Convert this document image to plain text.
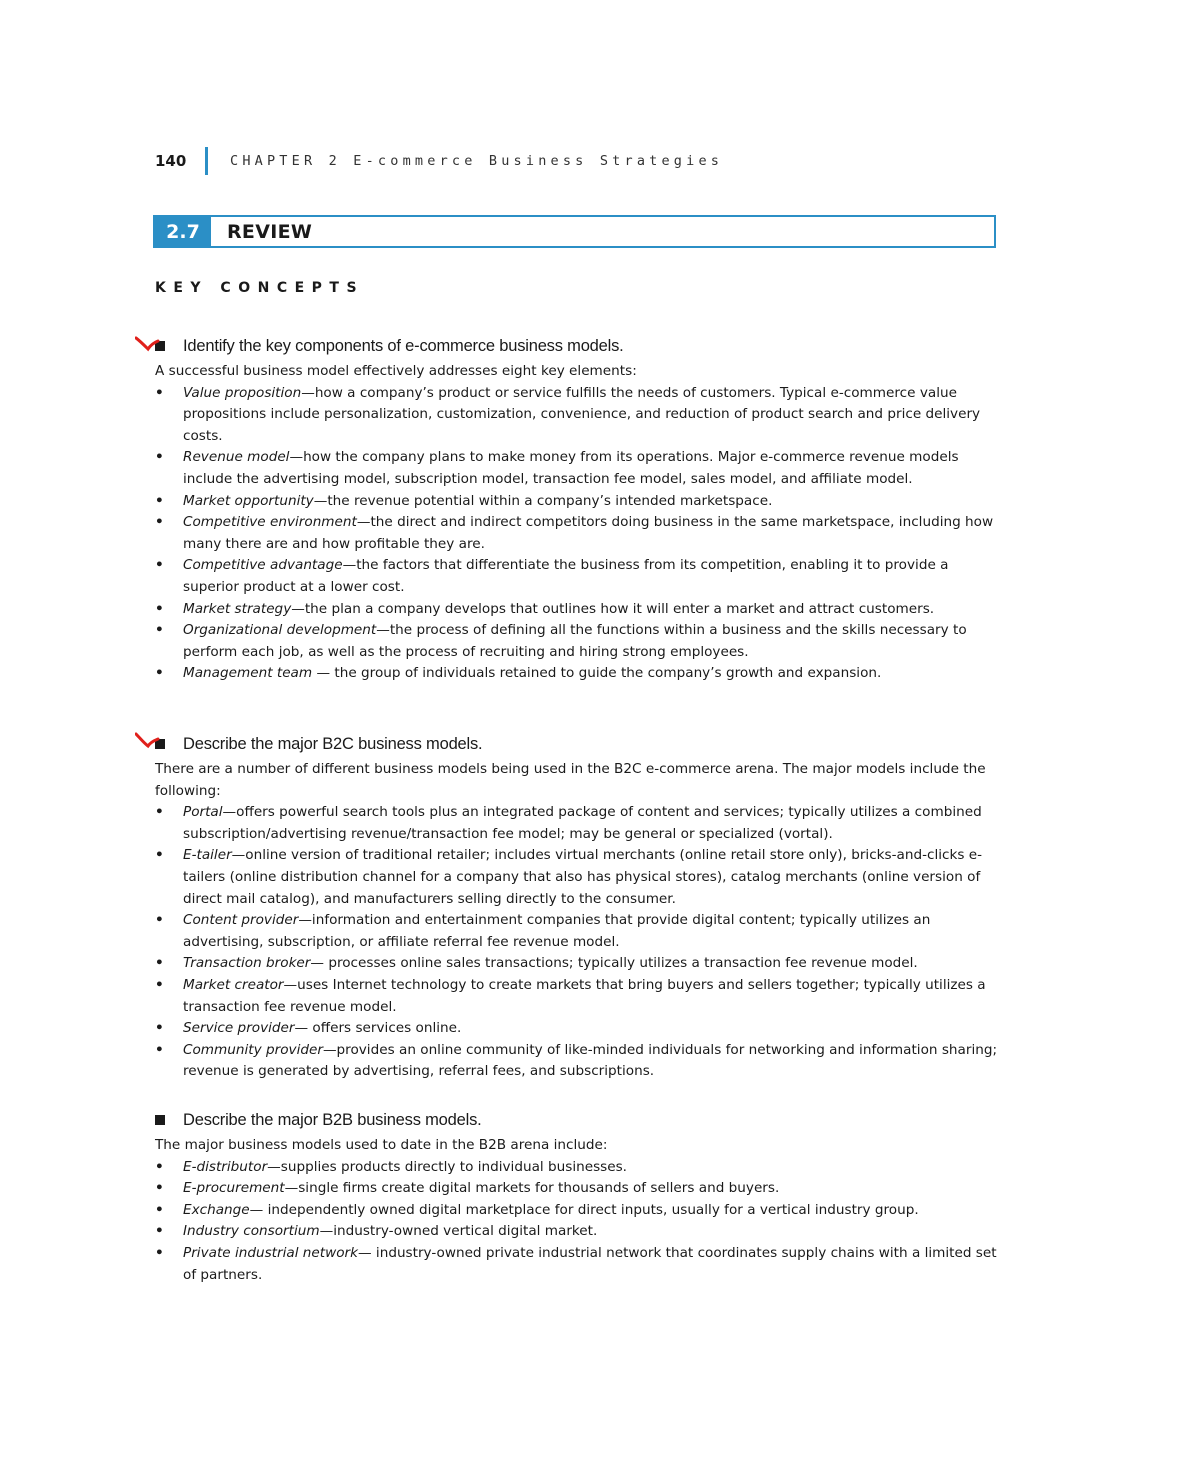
140	CHAPTER 2 E-commerce Business Strategies
2.7	REVIEW
KEY CONCEPTS
Identify the key components of e-commerce business models.

A successful business model effectively addresses eight key elements:

• Value proposition—how a company’s product or service fulfills the needs of customers. Typical e-commerce value propositions include personalization, customization, convenience, and reduction of product search and price delivery costs.
• Revenue model—how the company plans to make money from its operations. Major e-commerce revenue models include the advertising model, subscription model, transaction fee model, sales model, and affiliate model.
• Market opportunity—the revenue potential within a company’s intended marketspace.
• Competitive environment—the direct and indirect competitors doing business in the same marketspace, including how many there are and how profitable they are.
• Competitive advantage—the factors that differentiate the business from its competition, enabling it to provide a superior product at a lower cost.
• Market strategy—the plan a company develops that outlines how it will enter a market and attract customers.
• Organizational development—the process of defining all the functions within a business and the skills necessary to perform each job, as well as the process of recruiting and hiring strong employees.
• Management team — the group of individuals retained to guide the company’s growth and expansion.
Describe the major B2C business models.

There are a number of different business models being used in the B2C e-commerce arena. The major models include the following:

• Portal—offers powerful search tools plus an integrated package of content and services; typically utilizes a combined subscription/advertising revenue/transaction fee model; may be general or specialized (vortal).
• E-tailer—online version of traditional retailer; includes virtual merchants (online retail store only), bricks-and-clicks e-tailers (online distribution channel for a company that also has physical stores), catalog merchants (online version of direct mail catalog), and manufacturers selling directly to the consumer.
• Content provider—information and entertainment companies that provide digital content; typically utilizes an advertising, subscription, or affiliate referral fee revenue model.
• Transaction broker— processes online sales transactions; typically utilizes a transaction fee revenue model.
• Market creator—uses Internet technology to create markets that bring buyers and sellers together; typically utilizes a transaction fee revenue model.
• Service provider— offers services online.
• Community provider—provides an online community of like-minded individuals for networking and information sharing; revenue is generated by advertising, referral fees, and subscriptions.
Describe the major B2B business models.

The major business models used to date in the B2B arena include:

• E-distributor—supplies products directly to individual businesses.
• E-procurement—single firms create digital markets for thousands of sellers and buyers.
• Exchange— independently owned digital marketplace for direct inputs, usually for a vertical industry group.
• Industry consortium—industry-owned vertical digital market.
• Private industrial network— industry-owned private industrial network that coordinates supply chains with a limited set of partners.
